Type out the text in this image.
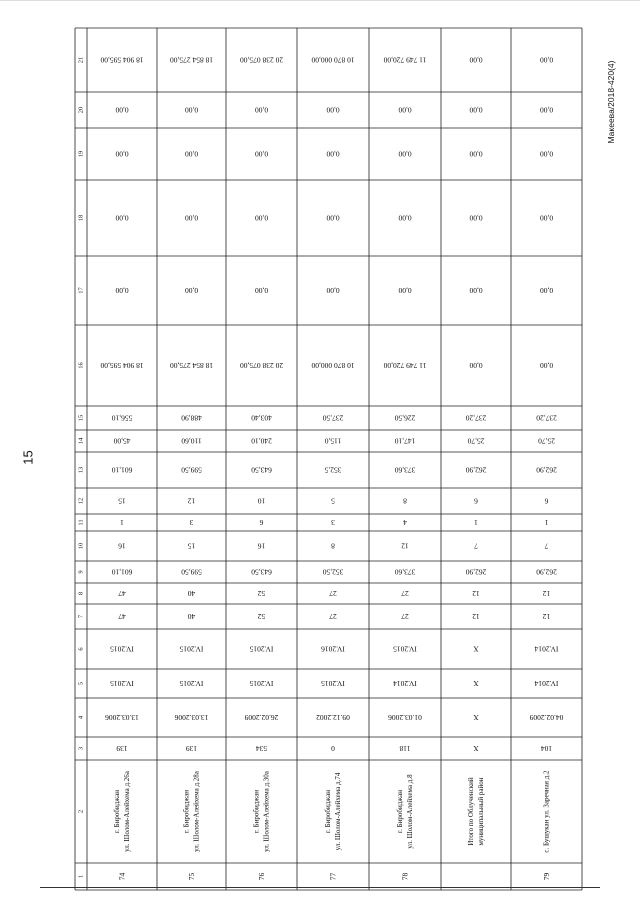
15
Макеева/2018-420(4)
1
2
3
4
5
6
7
8
9
10
11
12
13
14
15
16
17
18
19
20
21 18 904 595,00
0,00
0,00
0,00
0,00
18 904 595,00
556,10
45,00
601,10
15
1
16
601,10
47
47
IV.2015
IV.2015
13.03.2006
139
г. Биробиджан ул. Шолом-Алейхема д.26а
74
18 854 275,00
0,00
0,00
0,00
0,00
18 854 275,00
488,90
110,60
599,50
12
3
15
599,50
40
40
IV.2015
IV.2015
13.03.2006
139
г. Биробиджан ул. Шолом-Алейхема д.28а
75
20 238 075,00
0,00
0,00
0,00
0,00
20 238 075,00
403,40
240,10
643,50
10
6
16
643,50
52
52
IV.2015
IV.2015
26.02.2009
534
г. Биробиджан ул. Шолом-Алейхема д.30а
76
10 870 000,00
0,00
0,00
0,00
0,00
10 870 000,00
237,50
115,0
352,5
5
3
8
352,50
27
27
IV.2016
IV.2015
09.12.2002
0
г. Биробиджан ул. Шолом-Алейхема д.74
77
11 749 720,00
0,00
0,00
0,00
0,00
11 749 720,00
226,50
147,10
373,60
8
4
12
373,60
27
27
IV.2015
IV.2014
01.03.2006
118
г. Биробиджан ул. Шолом-Алейхема д.8
78
0,00
0,00
0,00
0,00
0,00
0,00
237,20
25,70
262,90
6
1
7
262,90
12
12
X
X
X
X
Итого по Облученский муниципальный район
0,00
0,00
0,00
0,00
0,00
0,00
237,20
25,70
262,90
6
1
7
262,90
12
12
IV.2014
IV.2014
04.02.2009
104
с. Бушукан ул. Заречная д.2
79
